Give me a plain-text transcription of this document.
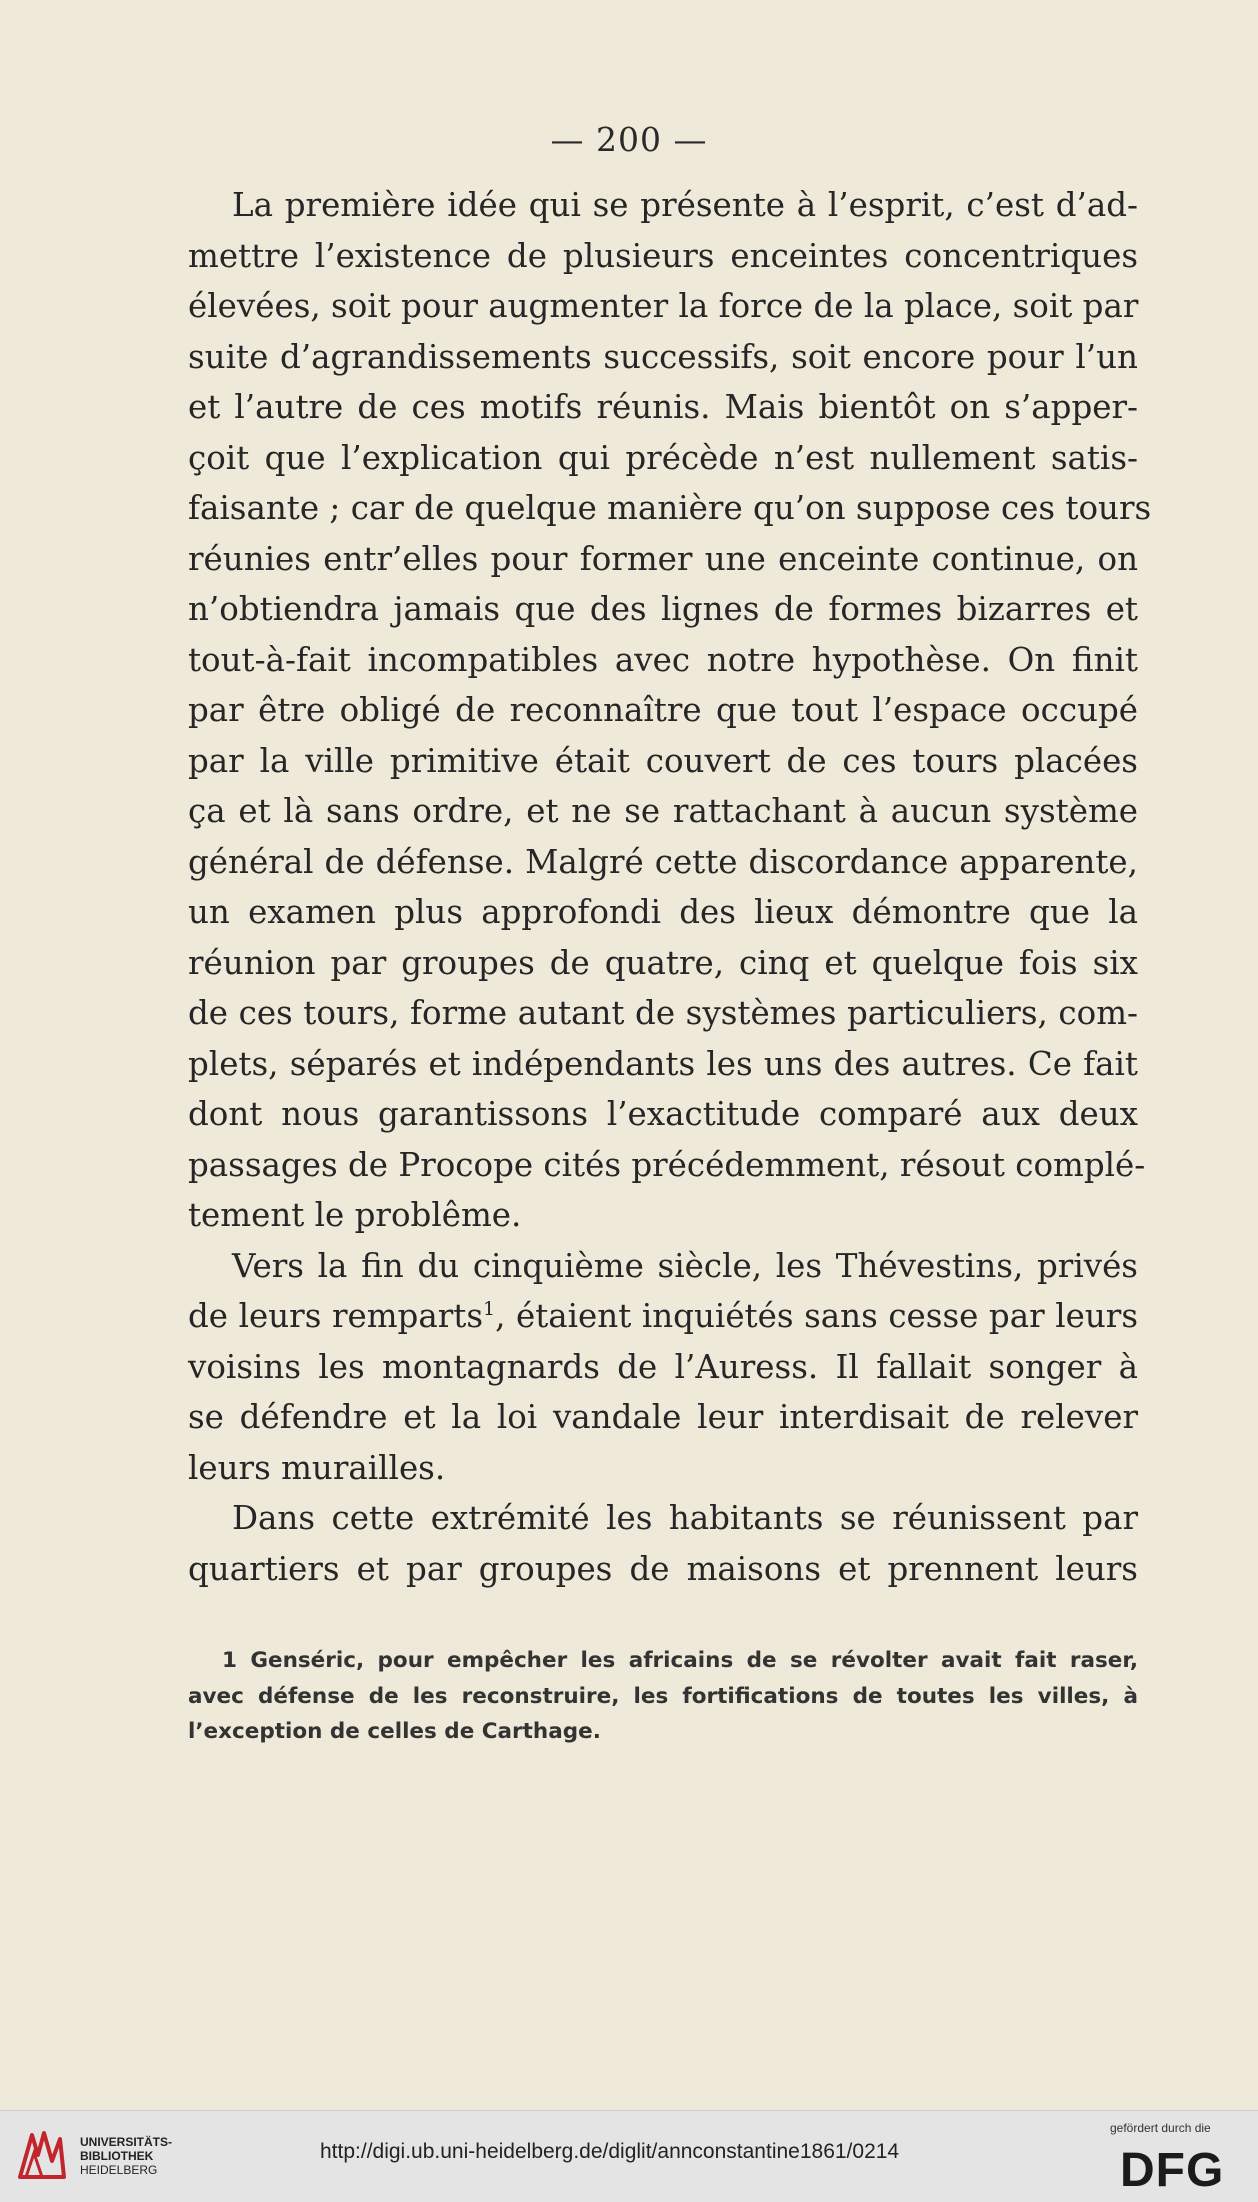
— 200 —
La première idée qui se présente à l’esprit, c’est d’ad-
mettre l’existence de plusieurs enceintes concentriques
élevées, soit pour augmenter la force de la place, soit par
suite d’agrandissements successifs, soit encore pour l’un
et l’autre de ces motifs réunis. Mais bientôt on s’apper-
çoit que l’explication qui précède n’est nullement satis-
faisante ; car de quelque manière qu’on suppose ces tours
réunies entr’elles pour former une enceinte continue, on
n’obtiendra jamais que des lignes de formes bizarres et
tout-à-fait incompatibles avec notre hypothèse. On finit
par être obligé de reconnaître que tout l’espace occupé
par la ville primitive était couvert de ces tours placées
ça et là sans ordre, et ne se rattachant à aucun système
général de défense. Malgré cette discordance apparente,
un examen plus approfondi des lieux démontre que la
réunion par groupes de quatre, cinq et quelque fois six
de ces tours, forme autant de systèmes particuliers, com-
plets, séparés et indépendants les uns des autres. Ce fait
dont nous garantissons l’exactitude comparé aux deux
passages de Procope cités précédemment, résout complé-
tement le problême.
Vers la fin du cinquième siècle, les Thévestins, privés
de leurs remparts$^1$, étaient inquiétés sans cesse par leurs
voisins les montagnards de l’Auress. Il fallait songer à
se défendre et la loi vandale leur interdisait de relever
leurs murailles.
Dans cette extrémité les habitants se réunissent par
quartiers et par groupes de maisons et prennent leurs
1 Genséric, pour empêcher les africains de se révolter avait fait raser,
avec défense de les reconstruire, les fortifications de toutes les villes, à
l’exception de celles de Carthage.
UNIVERSITÄTS-
BIBLIOTHEK
HEIDELBERG
http://digi.ub.uni-heidelberg.de/diglit/annconstantine1861/0214
gefördert durch die
DFG
